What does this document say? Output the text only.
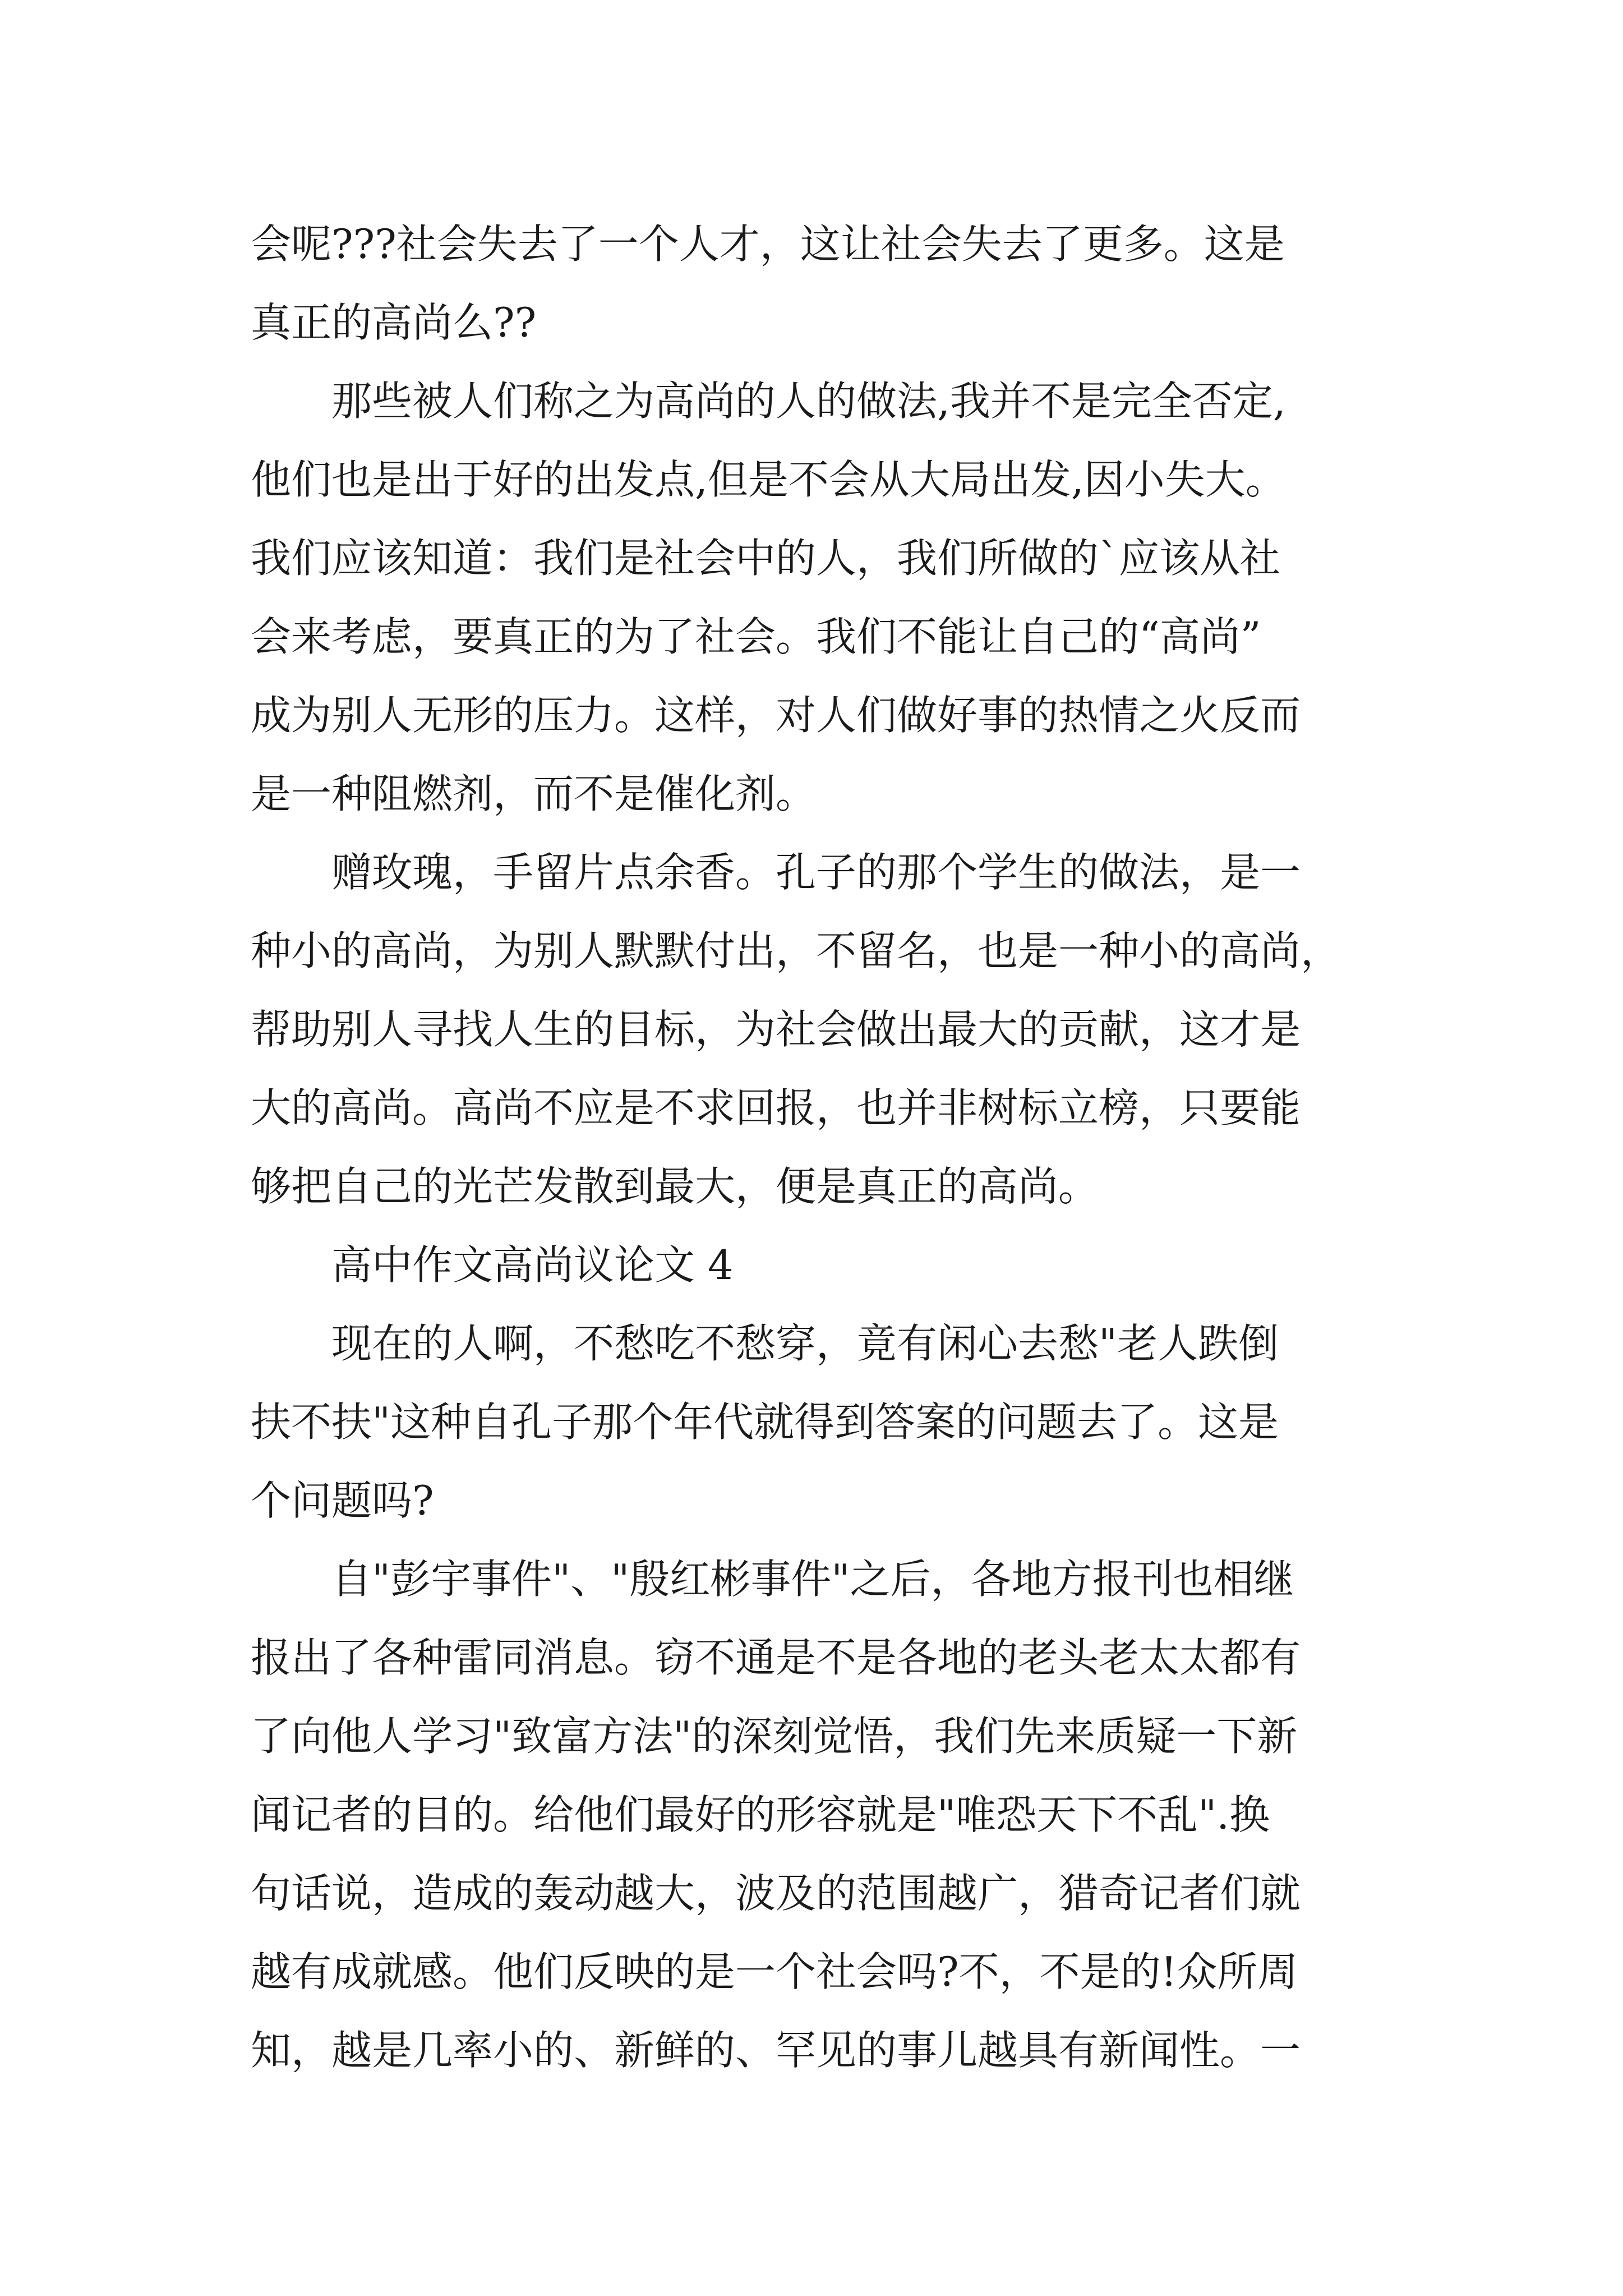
会呢???社会失去了一个人才，这让社会失去了更多。这是
真正的高尚么??
　　那些被人们称之为高尚的人的做法,我并不是完全否定,
他们也是出于好的出发点,但是不会从大局出发,因小失大。
我们应该知道：我们是社会中的人，我们所做的`应该从社
会来考虑，要真正的为了社会。我们不能让自己的“高尚”
成为别人无形的压力。这样，对人们做好事的热情之火反而
是一种阻燃剂，而不是催化剂。
　　赠玫瑰，手留片点余香。孔子的那个学生的做法，是一
种小的高尚，为别人默默付出，不留名，也是一种小的高尚，
帮助别人寻找人生的目标，为社会做出最大的贡献，这才是
大的高尚。高尚不应是不求回报，也并非树标立榜，只要能
够把自己的光芒发散到最大，便是真正的高尚。
　　高中作文高尚议论文 4
　　现在的人啊，不愁吃不愁穿，竟有闲心去愁"老人跌倒
扶不扶"这种自孔子那个年代就得到答案的问题去了。这是
个问题吗?
　　自"彭宇事件"、"殷红彬事件"之后，各地方报刊也相继
报出了各种雷同消息。窃不通是不是各地的老头老太太都有
了向他人学习"致富方法"的深刻觉悟，我们先来质疑一下新
闻记者的目的。给他们最好的形容就是"唯恐天下不乱".换
句话说，造成的轰动越大，波及的范围越广，猎奇记者们就
越有成就感。他们反映的是一个社会吗?不，不是的!众所周
知，越是几率小的、新鲜的、罕见的事儿越具有新闻性。一
